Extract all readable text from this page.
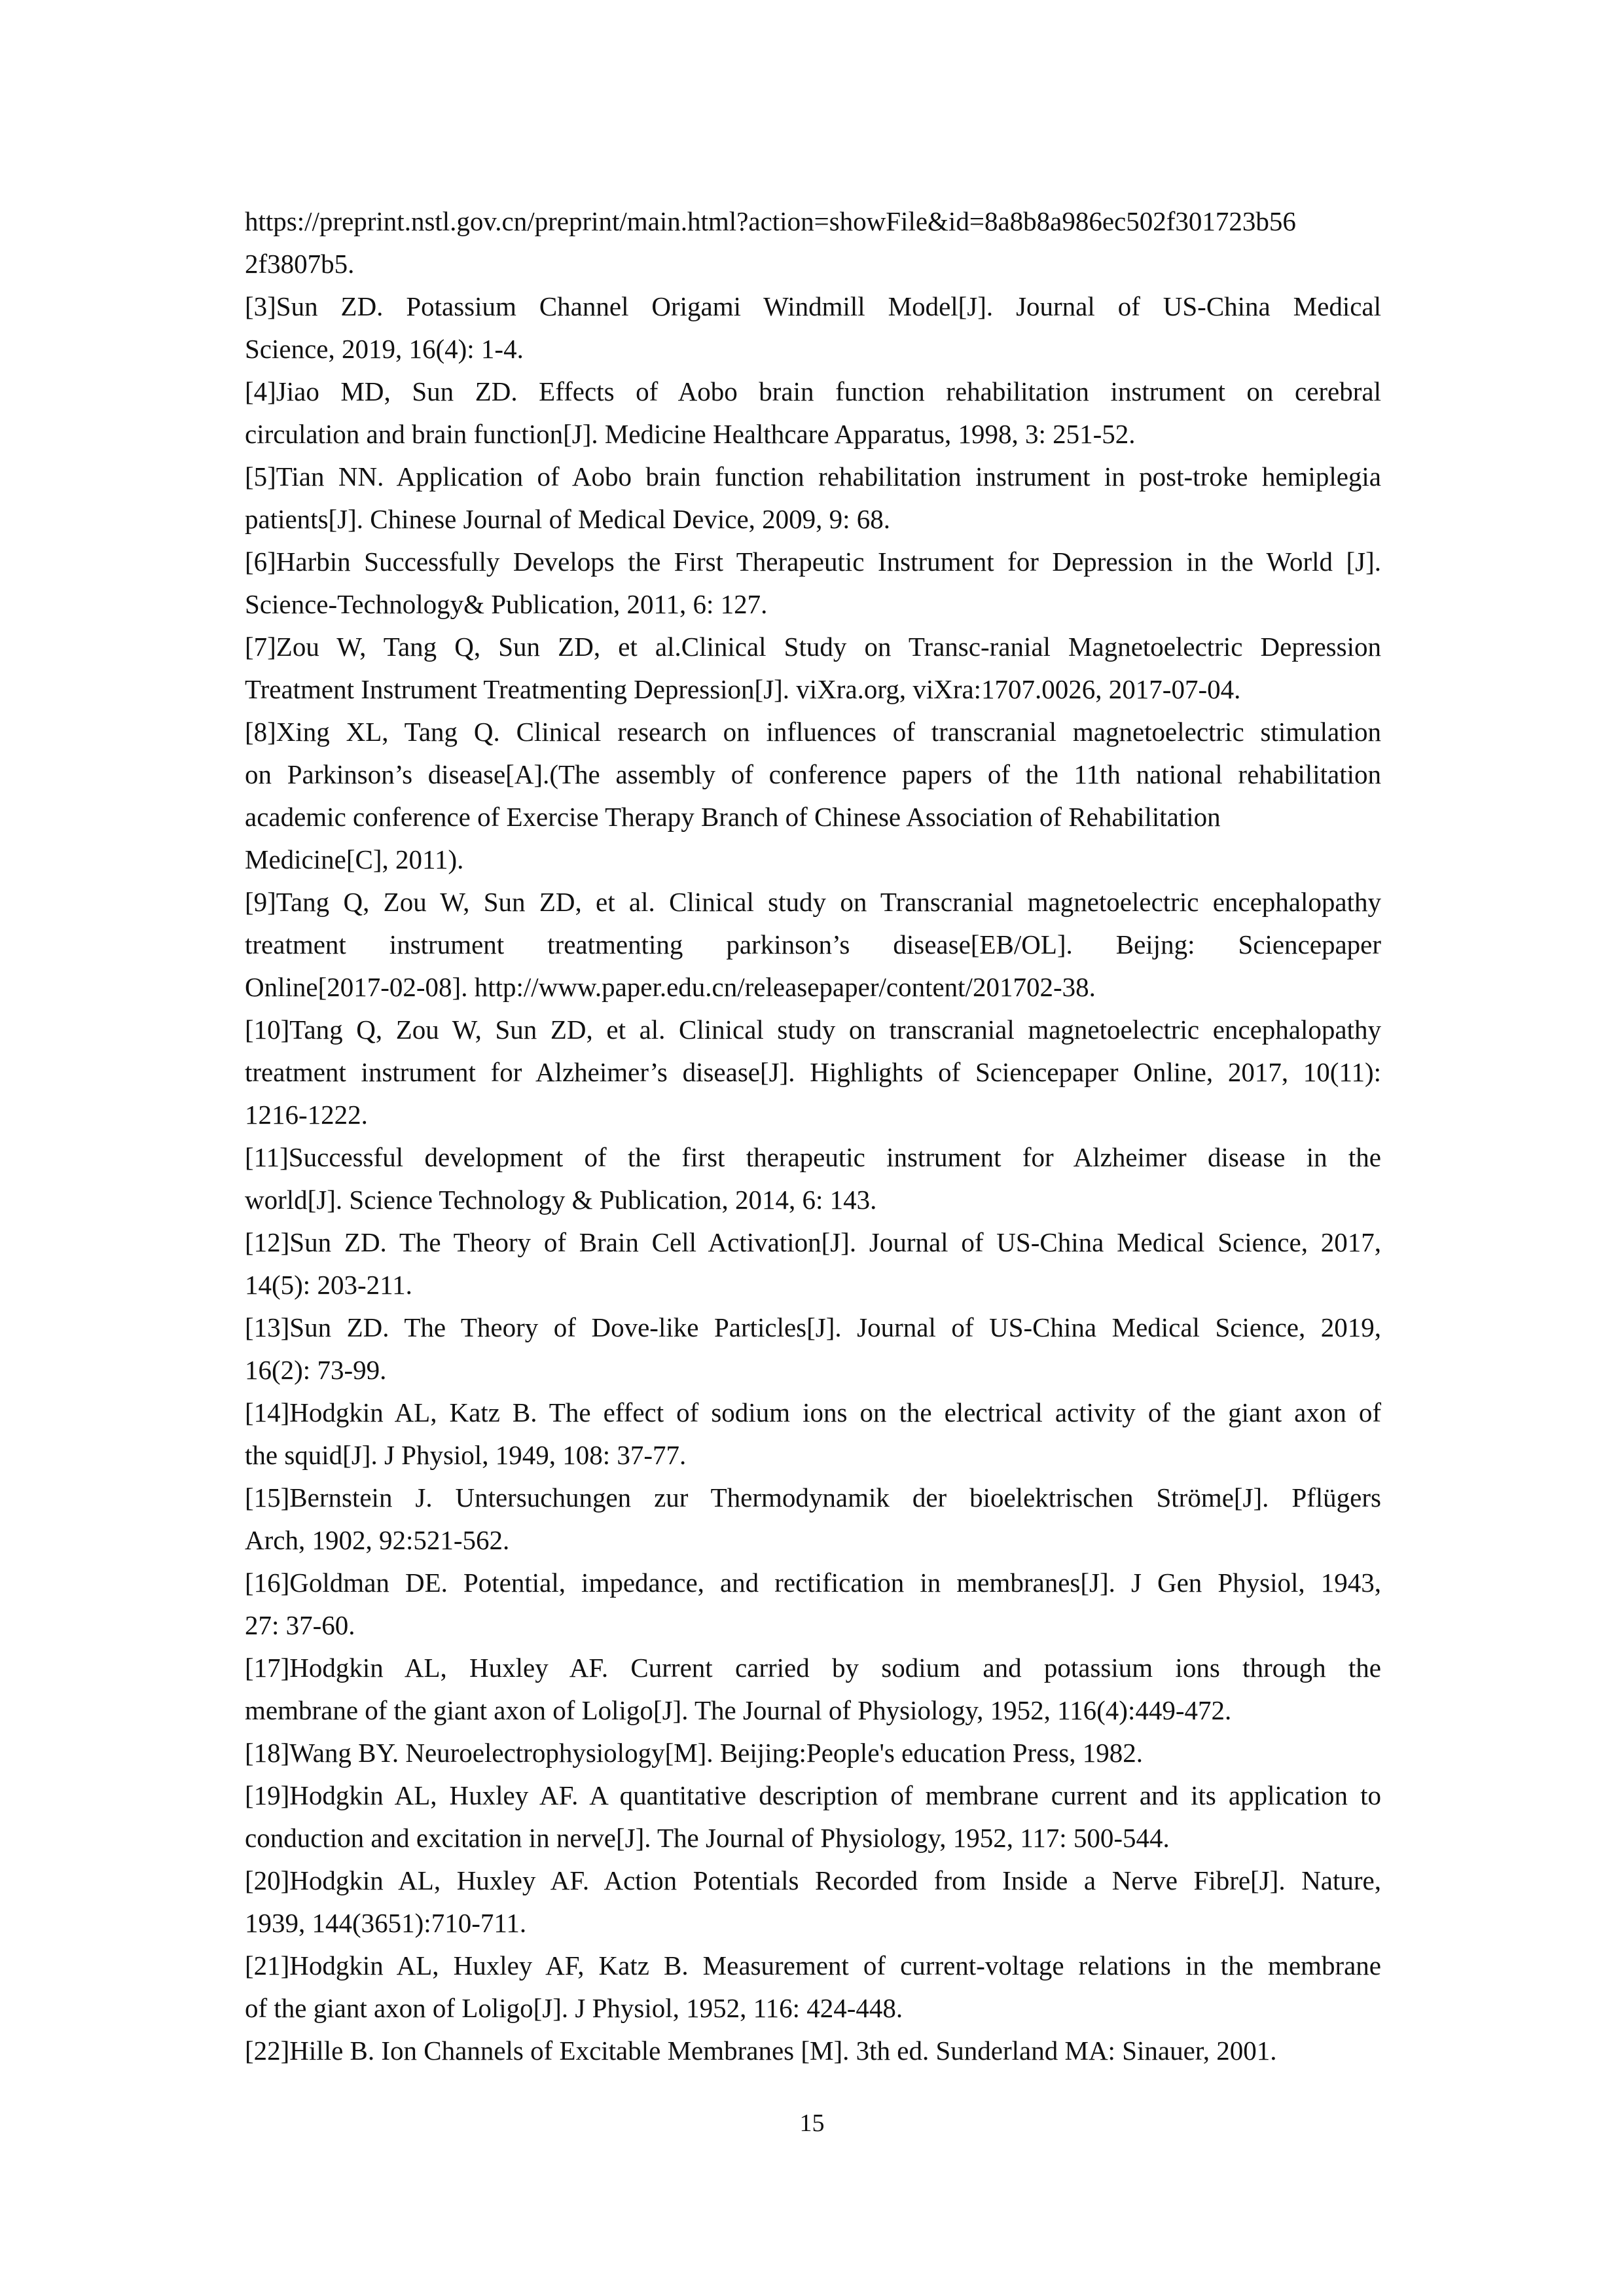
https://preprint.nstl.gov.cn/preprint/main.html?action=showFile&id=8a8b8a986ec502f301723b56
2f3807b5.
[3]Sun ZD. Potassium Channel Origami Windmill Model[J]. Journal of US-China Medical
Science, 2019, 16(4): 1-4.
[4]Jiao MD, Sun ZD. Effects of Aobo brain function rehabilitation instrument on cerebral
circulation and brain function[J]. Medicine Healthcare Apparatus, 1998, 3: 251-52.
[5]Tian NN. Application of Aobo brain function rehabilitation instrument in post-troke hemiplegia
patients[J]. Chinese Journal of Medical Device, 2009, 9: 68.
[6]Harbin Successfully Develops the First Therapeutic Instrument for Depression in the World [J].
Science-Technology& Publication, 2011, 6: 127.
[7]Zou W, Tang Q, Sun ZD, et al.Clinical Study on Transc-ranial Magnetoelectric Depression
Treatment Instrument Treatmenting Depression[J]. viXra.org, viXra:1707.0026, 2017-07-04.
[8]Xing XL, Tang Q. Clinical research on influences of transcranial magnetoelectric stimulation
on Parkinson’s disease[A].(The assembly of conference papers of the 11th national rehabilitation
academic conference of Exercise Therapy Branch of Chinese Association of Rehabilitation
Medicine[C], 2011).
[9]Tang Q, Zou W, Sun ZD, et al. Clinical study on Transcranial magnetoelectric encephalopathy
treatment instrument treatmenting parkinson’s disease[EB/OL]. Beijng: Sciencepaper
Online[2017-02-08]. http://www.paper.edu.cn/releasepaper/content/201702-38.
[10]Tang Q, Zou W, Sun ZD, et al. Clinical study on transcranial magnetoelectric encephalopathy
treatment instrument for Alzheimer’s disease[J]. Highlights of Sciencepaper Online, 2017, 10(11):
1216-1222.
[11]Successful development of the first therapeutic instrument for Alzheimer disease in the
world[J]. Science Technology & Publication, 2014, 6: 143.
[12]Sun ZD. The Theory of Brain Cell Activation[J]. Journal of US-China Medical Science, 2017,
14(5): 203-211.
[13]Sun ZD. The Theory of Dove-like Particles[J]. Journal of US-China Medical Science, 2019,
16(2): 73-99.
[14]Hodgkin AL, Katz B. The effect of sodium ions on the electrical activity of the giant axon of
the squid[J]. J Physiol, 1949, 108: 37-77.
[15]Bernstein J. Untersuchungen zur Thermodynamik der bioelektrischen Ströme[J]. Pflügers
Arch, 1902, 92:521-562.
[16]Goldman DE. Potential, impedance, and rectification in membranes[J]. J Gen Physiol, 1943,
27: 37-60.
[17]Hodgkin AL, Huxley AF. Current carried by sodium and potassium ions through the
membrane of the giant axon of Loligo[J]. The Journal of Physiology, 1952, 116(4):449-472.
[18]Wang BY. Neuroelectrophysiology[M]. Beijing:People's education Press, 1982.
[19]Hodgkin AL, Huxley AF. A quantitative description of membrane current and its application to
conduction and excitation in nerve[J]. The Journal of Physiology, 1952, 117: 500-544.
[20]Hodgkin AL, Huxley AF. Action Potentials Recorded from Inside a Nerve Fibre[J]. Nature,
1939, 144(3651):710-711.
[21]Hodgkin AL, Huxley AF, Katz B. Measurement of current-voltage relations in the membrane
of the giant axon of Loligo[J]. J Physiol, 1952, 116: 424-448.
[22]Hille B. Ion Channels of Excitable Membranes [M]. 3th ed. Sunderland MA: Sinauer, 2001.
15
